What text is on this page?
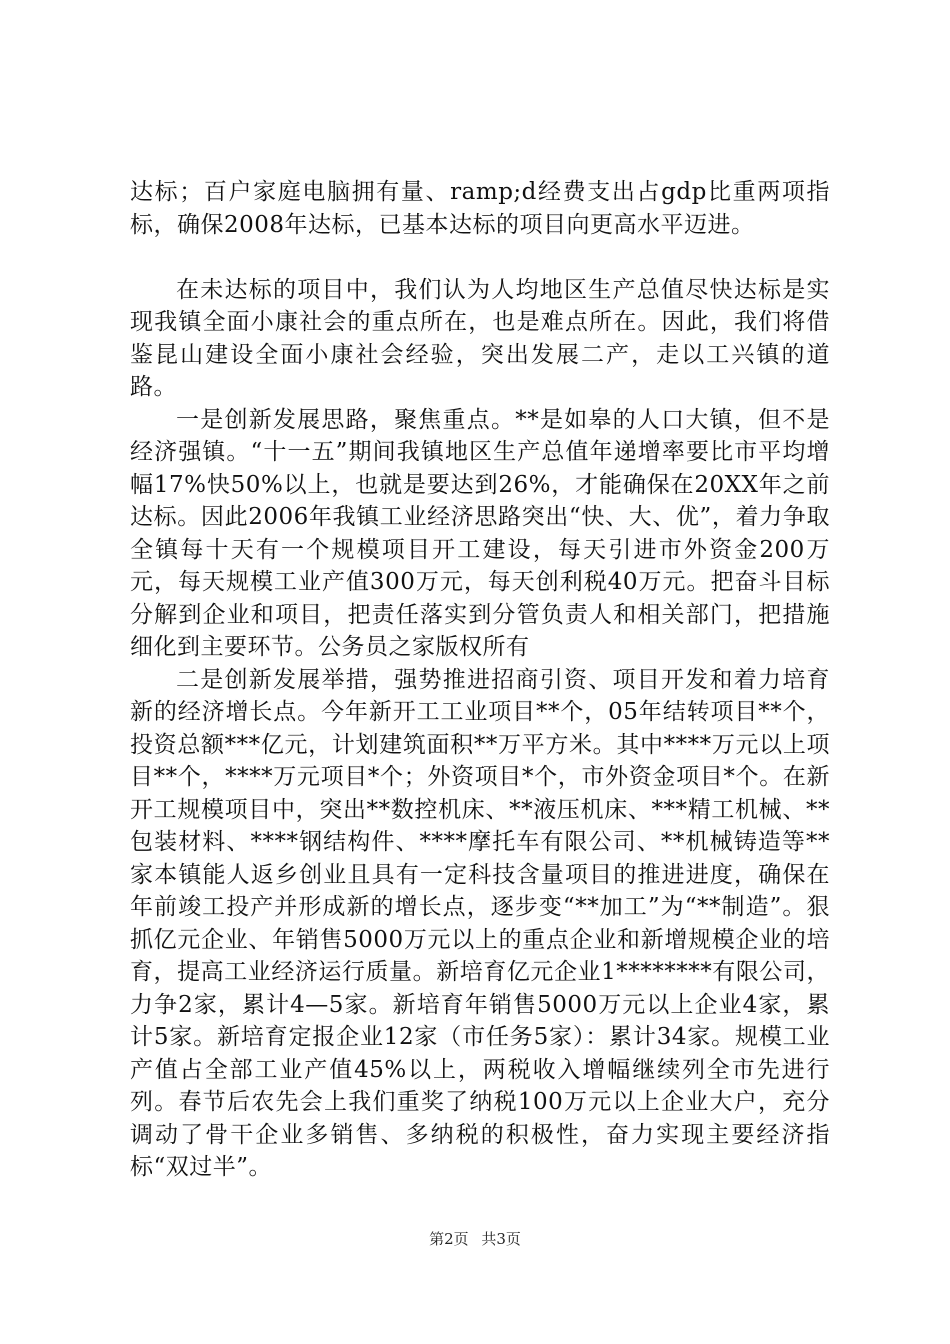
达标；百户家庭电脑拥有量、ramp;d经费支出占gdp比重两项指标，确保2008年达标，已基本达标的项目向更高水平迈进。

在未达标的项目中，我们认为人均地区生产总值尽快达标是实现我镇全面小康社会的重点所在，也是难点所在。因此，我们将借鉴昆山建设全面小康社会经验，突出发展二产，走以工兴镇的道路。

一是创新发展思路，聚焦重点。**是如皋的人口大镇，但不是经济强镇。“十一五”期间我镇地区生产总值年递增率要比市平均增幅17%快50%以上，也就是要达到26%，才能确保在20XX年之前达标。因此2006年我镇工业经济思路突出“快、大、优”，着力争取全镇每十天有一个规模项目开工建设，每天引进市外资金200万元，每天规模工业产值300万元，每天创利税40万元。把奋斗目标分解到企业和项目，把责任落实到分管负责人和相关部门，把措施细化到主要环节。公务员之家版权所有

二是创新发展举措，强势推进招商引资、项目开发和着力培育新的经济增长点。今年新开工工业项目**个，05年结转项目**个，投资总额***亿元，计划建筑面积**万平方米。其中****万元以上项目**个，****万元项目*个；外资项目*个，市外资金项目*个。在新开工规模项目中，突出**数控机床、**液压机床、***精工机械、**包装材料、****钢结构件、****摩托车有限公司、**机械铸造等**家本镇能人返乡创业且具有一定科技含量项目的推进进度，确保在年前竣工投产并形成新的增长点，逐步变“**加工”为“**制造”。狠抓亿元企业、年销售5000万元以上的重点企业和新增规模企业的培育，提高工业经济运行质量。新培育亿元企业1********有限公司，力争2家，累计4—5家。新培育年销售5000万元以上企业4家，累计5家。新培育定报企业12家（市任务5家）：累计34家。规模工业产值占全部工业产值45%以上，两税收入增幅继续列全市先进行列。春节后农先会上我们重奖了纳税100万元以上企业大户，充分调动了骨干企业多销售、多纳税的积极性，奋力实现主要经济指标“双过半”。

第2页 共3页
